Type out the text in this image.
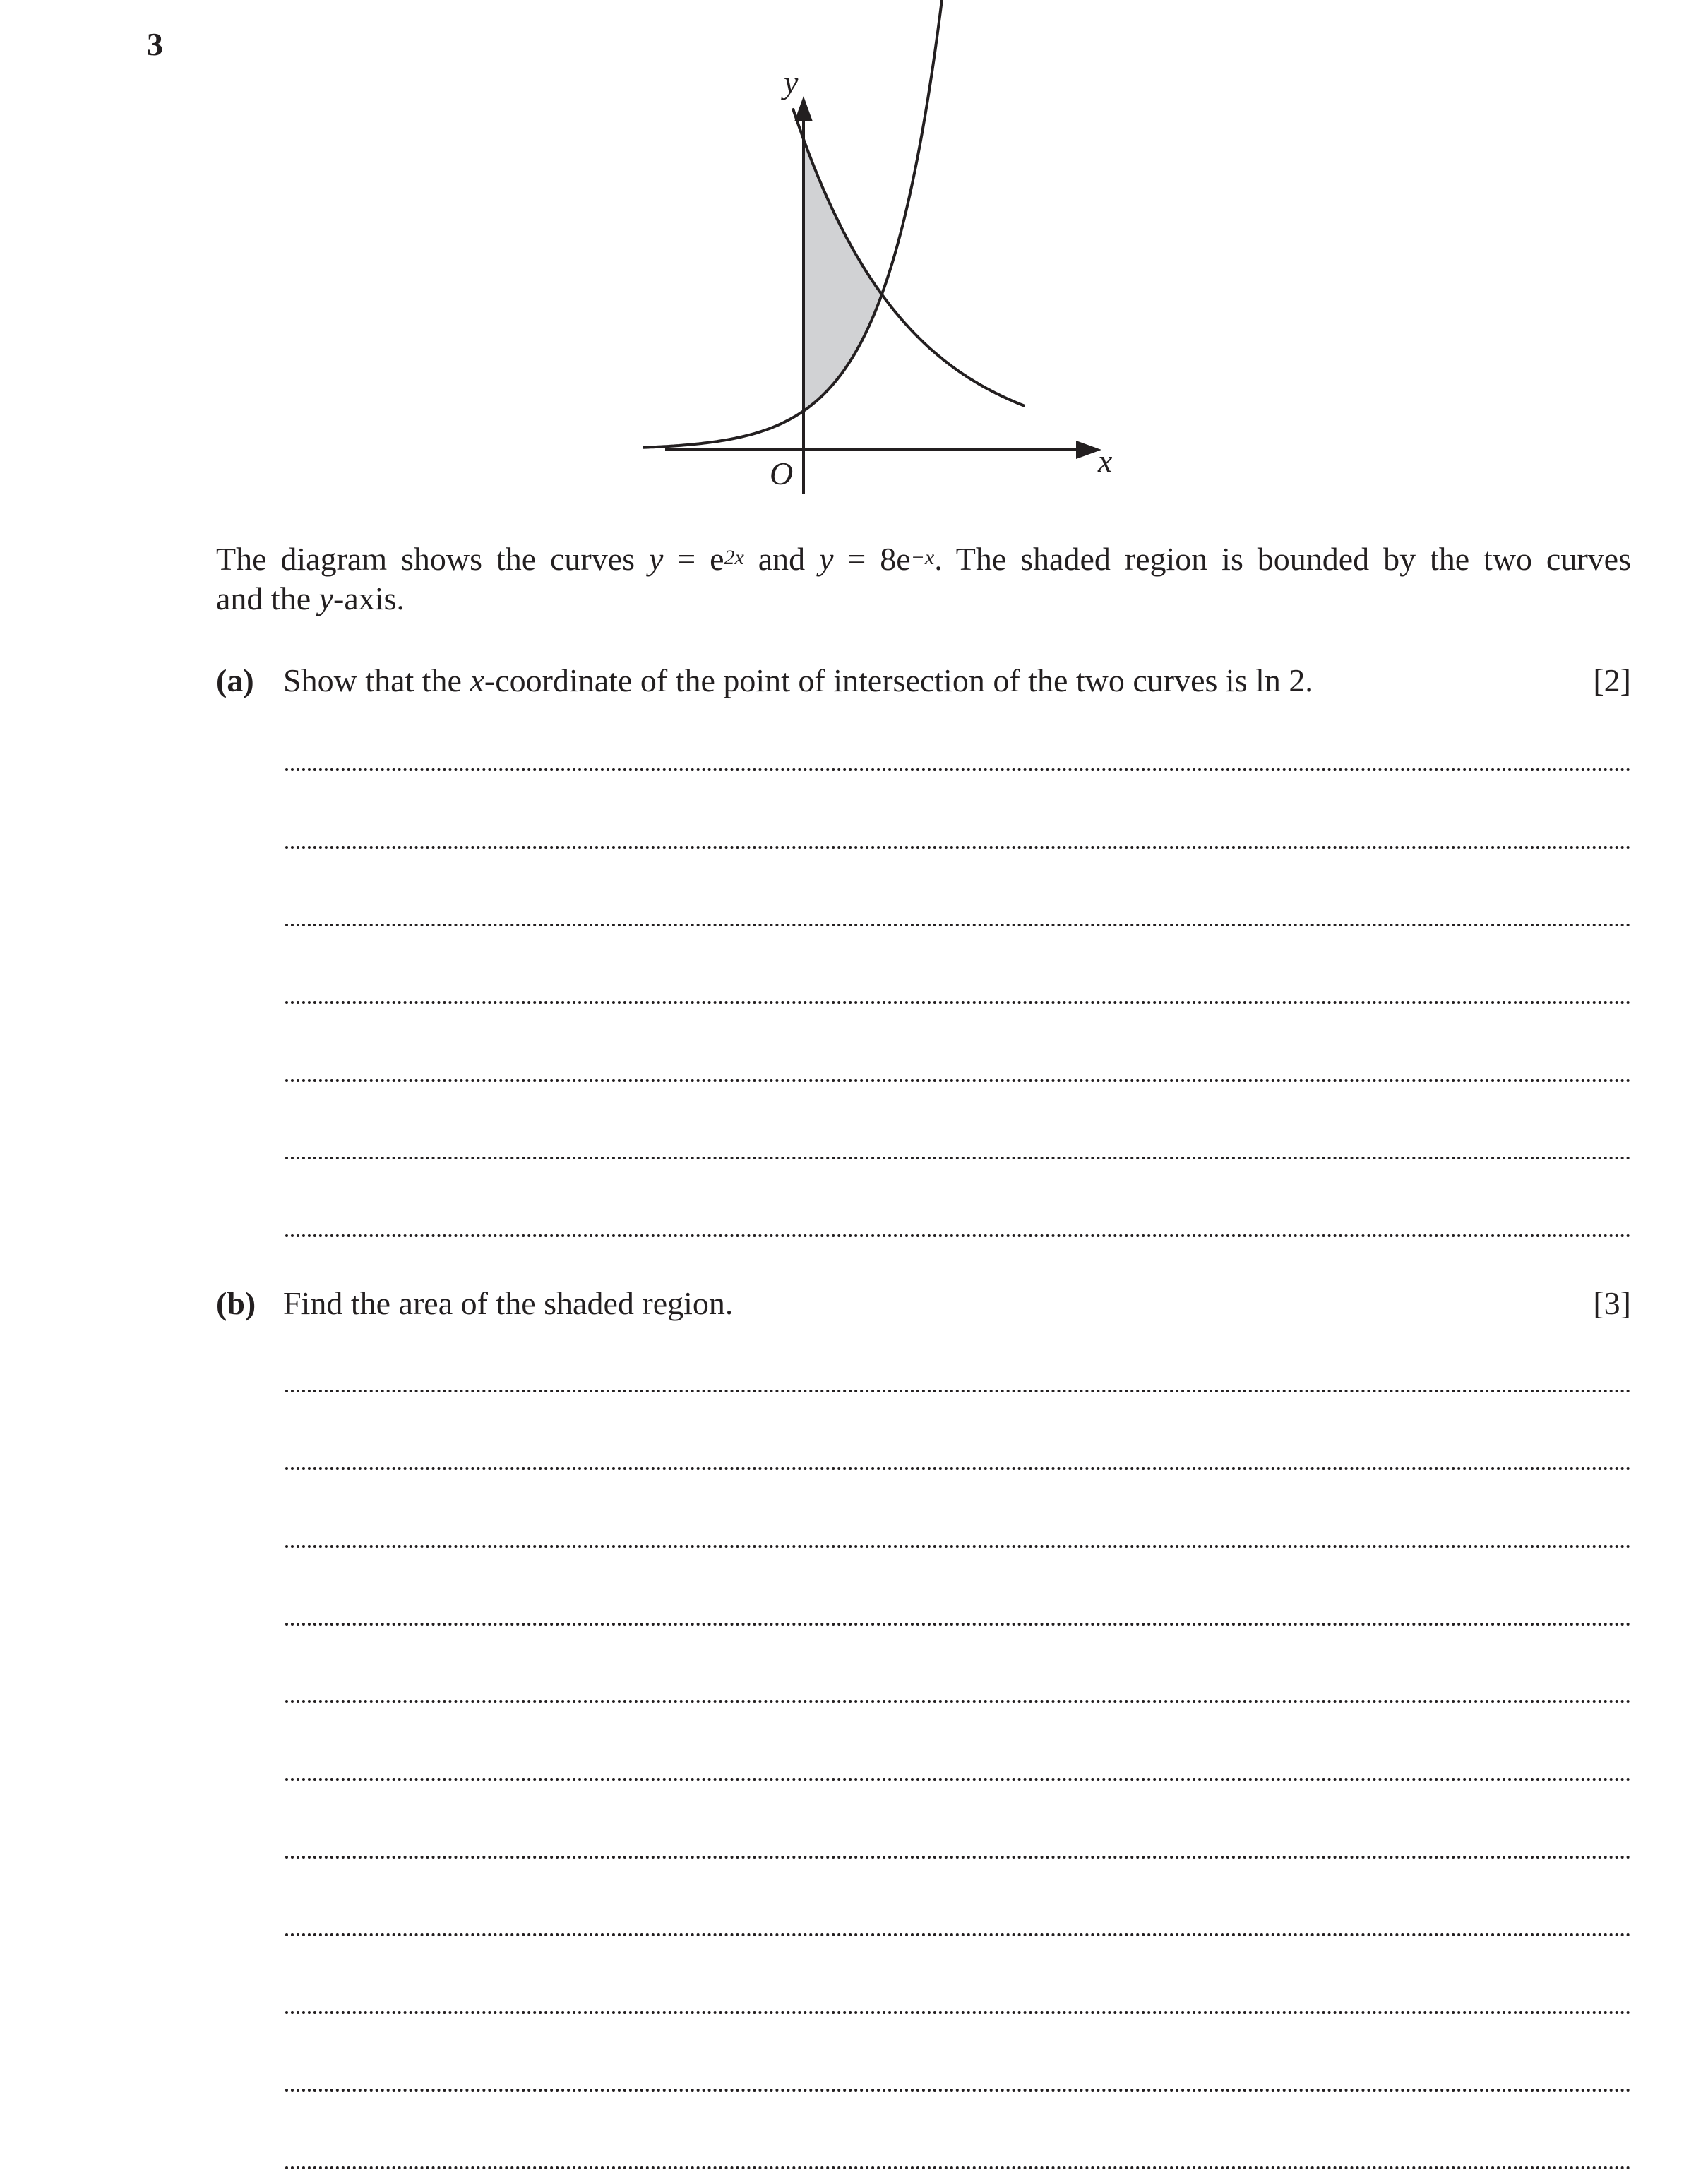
3
y
x
O
The diagram shows the curves $y = e^{2x}$ and $y = 8e^{-x}$. The shaded region is bounded by the two curves
and the y-axis.
(a) Show that the x-coordinate of the point of intersection of the two curves is ln 2.	[2]
(b) Find the area of the shaded region.	[3]
